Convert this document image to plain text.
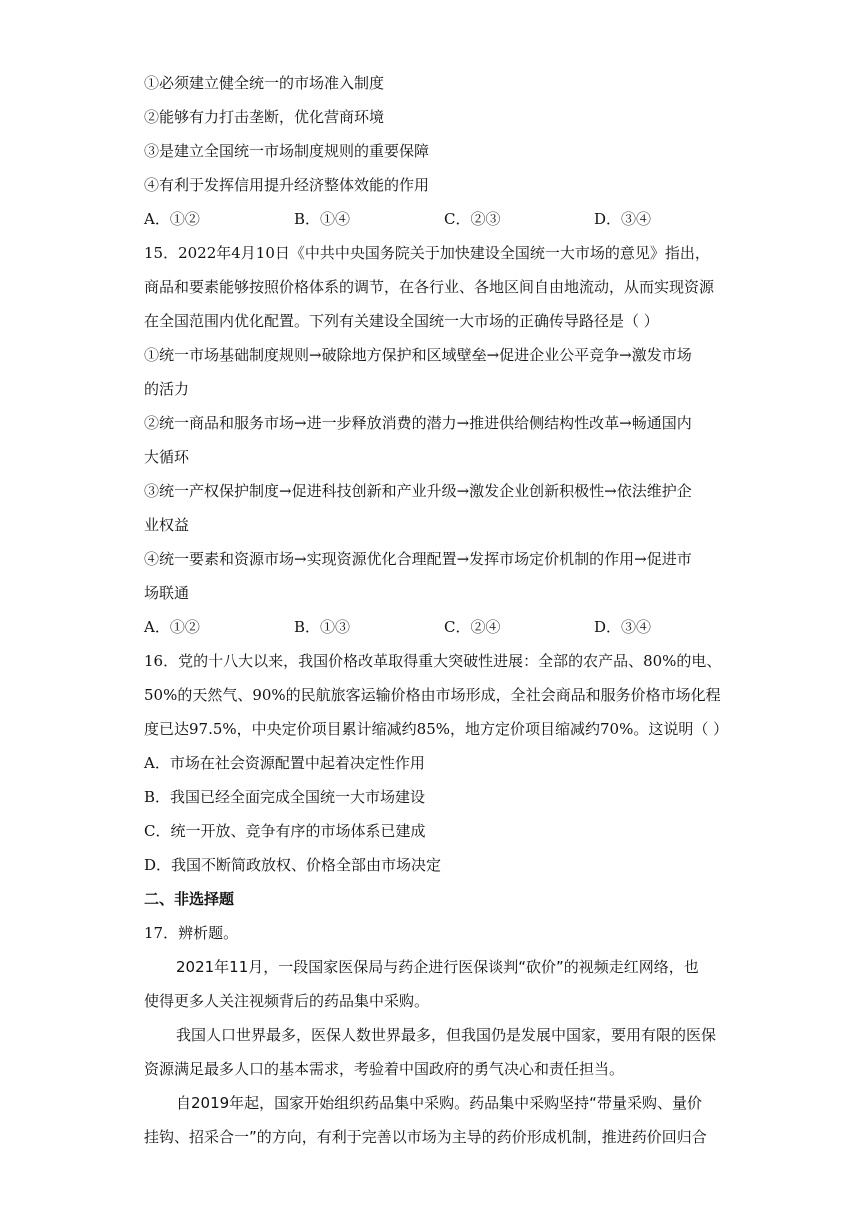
①必须建立健全统一的市场准入制度
②能够有力打击垄断，优化营商环境
③是建立全国统一市场制度规则的重要保障
④有利于发挥信用提升经济整体效能的作用
A．①②	B．①④	C．②③	D．③④
15．2022年4月10日《中共中央国务院关于加快建设全国统一大市场的意见》指出，
商品和要素能够按照价格体系的调节，在各行业、各地区间自由地流动，从而实现资源
在全国范围内优化配置。下列有关建设全国统一大市场的正确传导路径是（ ）
①统一市场基础制度规则→破除地方保护和区域壁垒→促进企业公平竞争→激发市场
的活力
②统一商品和服务市场→进一步释放消费的潜力→推进供给侧结构性改革→畅通国内
大循环
③统一产权保护制度→促进科技创新和产业升级→激发企业创新积极性→依法维护企
业权益
④统一要素和资源市场→实现资源优化合理配置→发挥市场定价机制的作用→促进市
场联通
A．①②	B．①③	C．②④	D．③④
16．党的十八大以来，我国价格改革取得重大突破性进展：全部的农产品、80%的电、
50%的天然气、90%的民航旅客运输价格由市场形成，全社会商品和服务价格市场化程
度已达97.5%，中央定价项目累计缩减约85%，地方定价项目缩减约70%。这说明（ ）
A．市场在社会资源配置中起着决定性作用
B．我国已经全面完成全国统一大市场建设
C．统一开放、竞争有序的市场体系已建成
D．我国不断简政放权、价格全部由市场决定
二、非选择题
17．辨析题。
2021年11月，一段国家医保局与药企进行医保谈判“砍价”的视频走红网络，也
使得更多人关注视频背后的药品集中采购。
我国人口世界最多，医保人数世界最多，但我国仍是发展中国家，要用有限的医保
资源满足最多人口的基本需求，考验着中国政府的勇气决心和责任担当。
自2019年起，国家开始组织药品集中采购。药品集中采购坚持“带量采购、量价
挂钩、招采合一”的方向，有利于完善以市场为主导的药价形成机制，推进药价回归合
